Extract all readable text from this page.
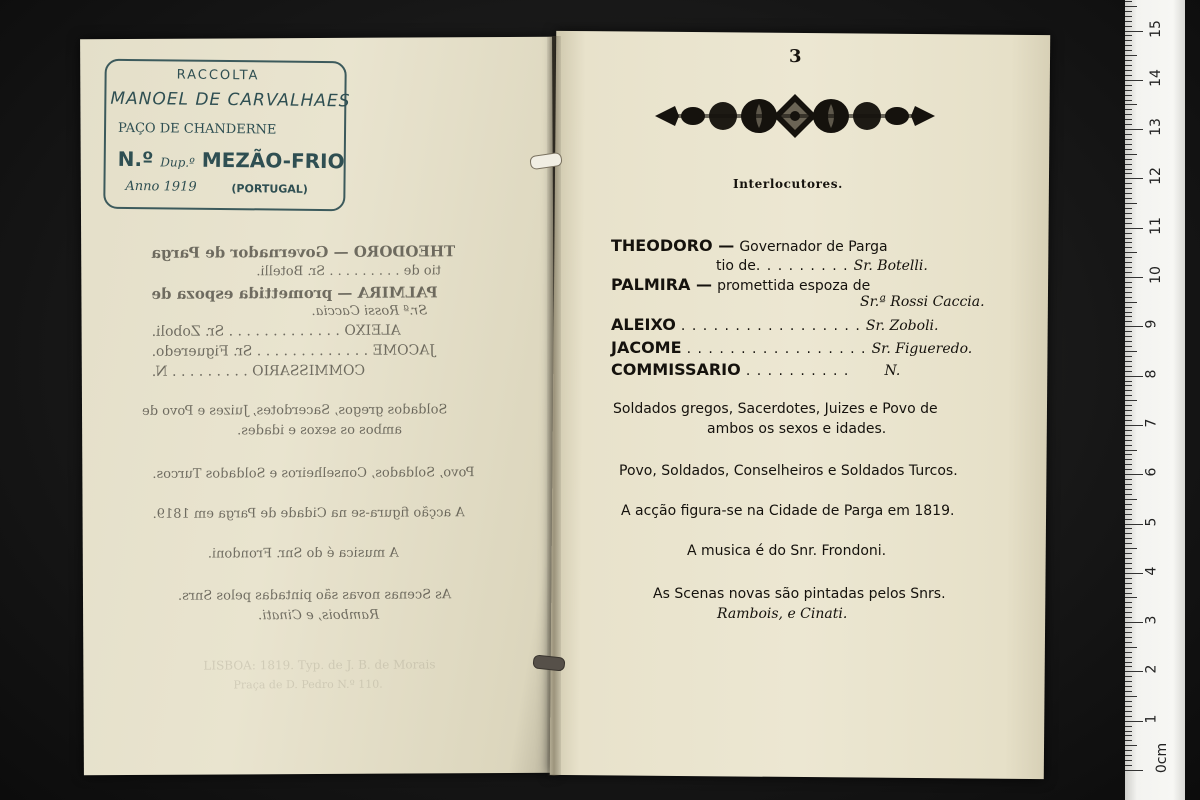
THEODORO — Governador de Parga
tio de . . . . . . . . . Sr. Botelli.
PALMIRA — promettida espoza de
Sr.ª Rossi Caccia.
ALEIXO . . . . . . . . . . . . . Sr. Zoboli.
JACOME . . . . . . . . . . . . . Sr. Figueredo.
COMMISSARIO . . . . . . . . . N.
Soldados gregos, Sacerdotes, Juizes e Povo de
ambos os sexos e idades.
Povo, Soldados, Conselheiros e Soldados Turcos.
A acção figura-se na Cidade de Parga em 1819.
A musica é do Snr. Frondoni.
As Scenas novas são pintadas pelos Snrs.
Rambois, e Cinati.
LISBOA: 1819. Typ. de J. B. de Morais
Praça de D. Pedro N.º 110.
RACCOLTA
MANOEL DE CARVALHAES
PAÇO DE CHANDERNE
N.º Dup.º MEZÃO-FRIO
Anno 1919	(PORTUGAL)
3
Interlocutores.
THEODORO — Governador de Parga
tio de. . . . . . . . . Sr. Botelli.
PALMIRA — promettida espoza de
Sr.ª Rossi Caccia.
ALEIXO . . . . . . . . . . . . . . . . . Sr. Zoboli.
JACOME . . . . . . . . . . . . . . . . . Sr. Figueredo.
COMMISSARIO . . . . . . . . . .	N.
Soldados gregos, Sacerdotes, Juizes e Povo de
ambos os sexos e idades.
Povo, Soldados, Conselheiros e Soldados Turcos.
A acção figura-se na Cidade de Parga em 1819.
A musica é do Snr. Frondoni.
As Scenas novas são pintadas pelos Snrs.
Rambois, e Cinati.
0cm
1
2
3
4
5
6
7
8
9
10
11
12
13
14
15
